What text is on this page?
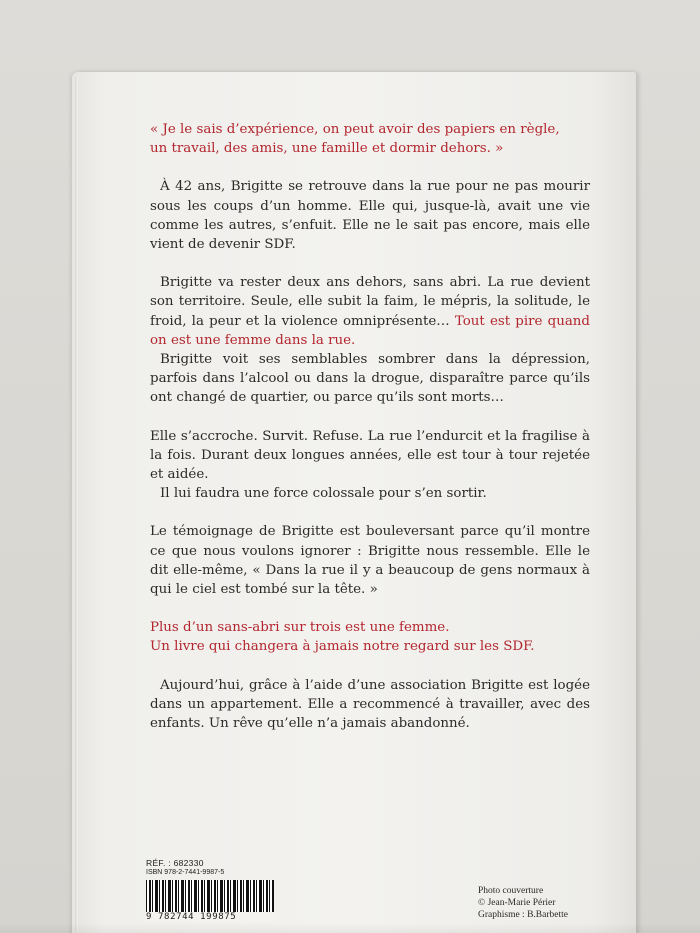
« Je le sais d’expérience, on peut avoir des papiers en règle,
un travail, des amis, une famille et dormir dehors. »

À 42 ans, Brigitte se retrouve dans la rue pour ne pas mourir sous les coups d’un homme. Elle qui, jusque-là, avait une vie comme les autres, s’enfuit. Elle ne le sait pas encore, mais elle vient de devenir SDF.

Brigitte va rester deux ans dehors, sans abri. La rue devient son territoire. Seule, elle subit la faim, le mépris, la solitude, le froid, la peur et la violence omniprésente… Tout est pire quand on est une femme dans la rue.

Brigitte voit ses semblables sombrer dans la dépression, parfois dans l’alcool ou dans la drogue, disparaître parce qu’ils ont changé de quartier, ou parce qu’ils sont morts…

Elle s’accroche. Survit. Refuse. La rue l’endurcit et la fragilise à la fois. Durant deux longues années, elle est tour à tour rejetée et aidée.

Il lui faudra une force colossale pour s’en sortir.

Le témoignage de Brigitte est bouleversant parce qu’il montre ce que nous voulons ignorer : Brigitte nous ressemble. Elle le dit elle-même, « Dans la rue il y a beaucoup de gens normaux à qui le ciel est tombé sur la tête. »

Plus d’un sans-abri sur trois est une femme.
Un livre qui changera à jamais notre regard sur les SDF.

Aujourd’hui, grâce à l’aide d’une association Brigitte est logée dans un appartement. Elle a recommencé à travailler, avec des enfants. Un rêve qu’elle n’a jamais abandonné.

RÉF. : 682330
ISBN 978-2-7441-9987-5
9 782744 199875
Photo couverture
© Jean-Marie Périer
Graphisme : B.Barbette
